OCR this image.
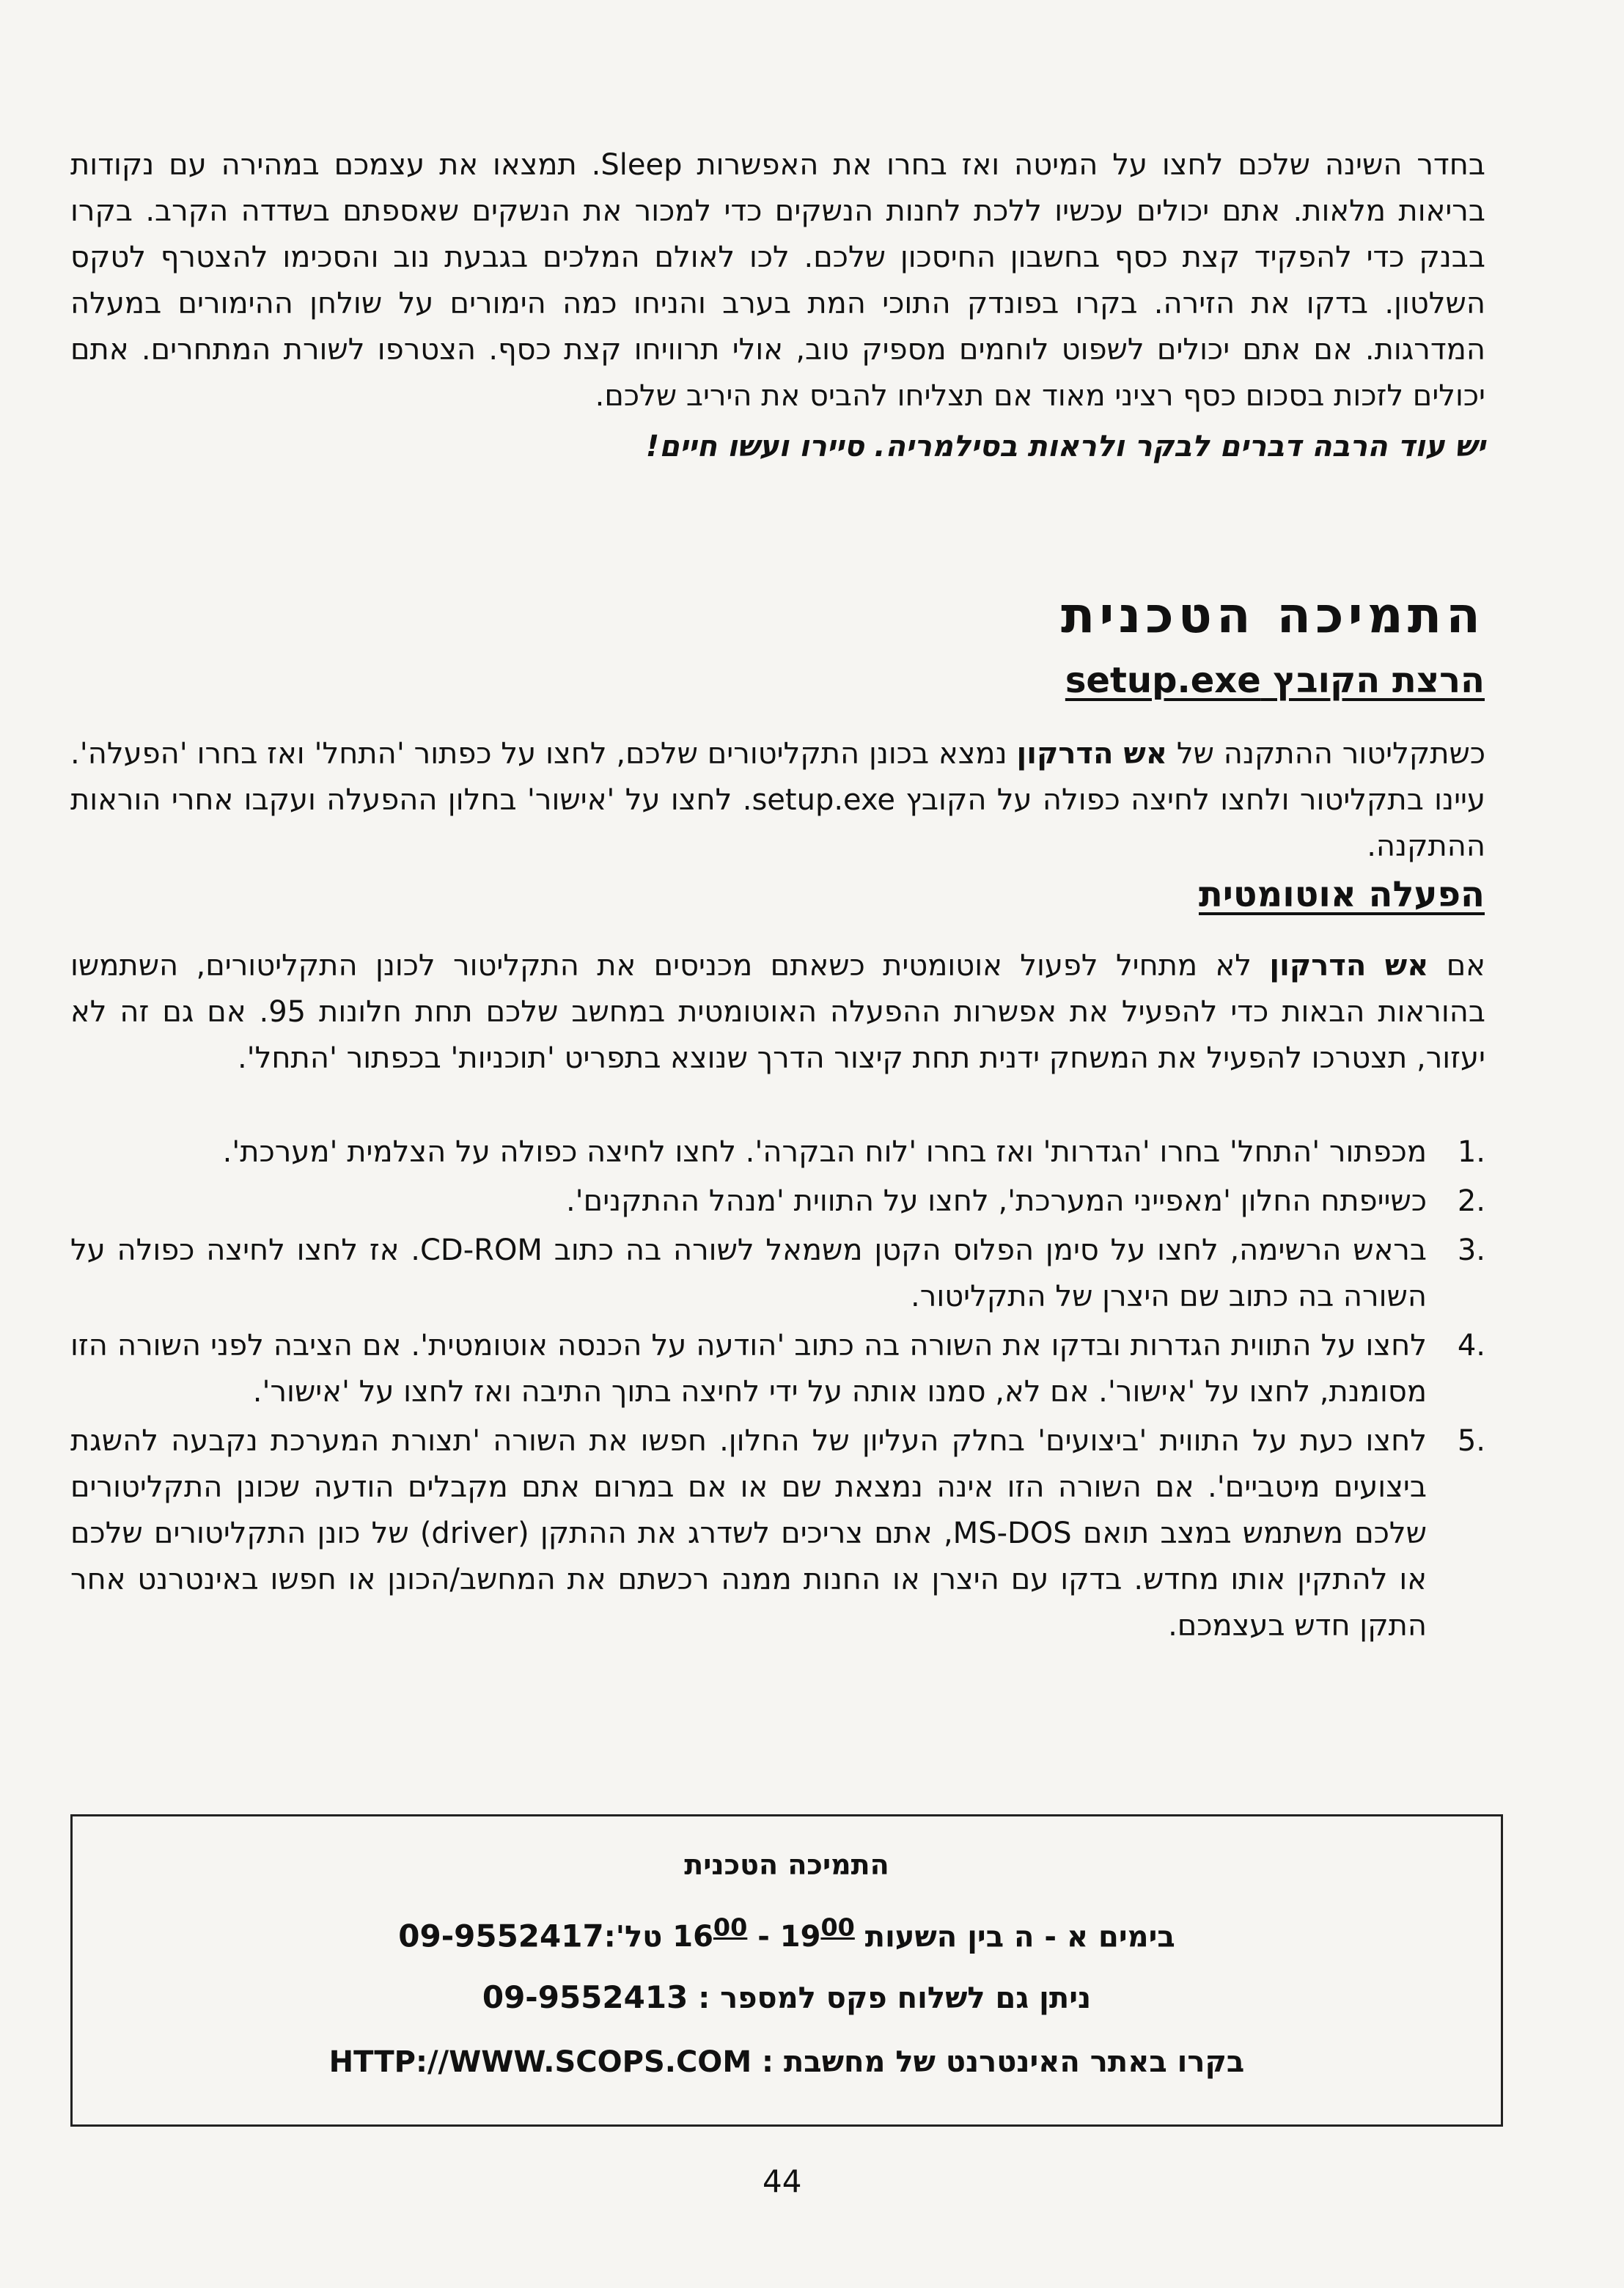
בחדר השינה שלכם לחצו על המיטה ואז בחרו את האפשרות Sleep. תמצאו את עצמכם במהירה עם נקודות בריאות מלאות. אתם יכולים עכשיו ללכת לחנות הנשקים כדי למכור את הנשקים שאספתם בשדדה הקרב. בקרו בבנק כדי להפקיד קצת כסף בחשבון החיסכון שלכם. לכו לאולם המלכים בגבעת נוב והסכימו להצטרף לטקס השלטון. בדקו את הזירה. בקרו בפונדק התוכי המת בערב והניחו כמה הימורים על שולחן ההימורים במעלה המדרגות. אם אתם יכולים לשפוט לוחמים מספיק טוב, אולי תרוויחו קצת כסף. הצטרפו לשורת המתחרים. אתם יכולים לזכות בסכום כסף רציני מאוד אם תצליחו להביס את היריב שלכם.
יש עוד הרבה דברים לבקר ולראות בסילמריה. סיירו ועשו חיים!
התמיכה הטכנית
הרצת הקובץ setup.exe
כשתקליטור ההתקנה של אש הדרקון נמצא בכונן התקליטורים שלכם, לחצו על כפתור 'התחל' ואז בחרו 'הפעלה'. עיינו בתקליטור ולחצו לחיצה כפולה על הקובץ setup.exe. לחצו על 'אישור' בחלון ההפעלה ועקבו אחרי הוראות ההתקנה.
הפעלה אוטומטית
אם אש הדרקון לא מתחיל לפעול אוטומטית כשאתם מכניסים את התקליטור לכונן התקליטורים, השתמשו בהוראות הבאות כדי להפעיל את אפשרות ההפעלה האוטומטית במחשב שלכם תחת חלונות 95. אם גם זה לא יעזור, תצטרכו להפעיל את המשחק ידנית תחת קיצור הדרך שנוצא בתפריט 'תוכניות' בכפתור 'התחל'.
1.
מכפתור 'התחל' בחרו 'הגדרות' ואז בחרו 'לוח הבקרה'. לחצו לחיצה כפולה על הצלמית 'מערכת'.
2.
כשייפתח החלון 'מאפייני המערכת', לחצו על התווית 'מנהל ההתקנים'.
3.
בראש הרשימה, לחצו על סימן הפלוס הקטן משמאל לשורה בה כתוב CD-ROM. אז לחצו לחיצה כפולה על השורה בה כתוב שם היצרן של התקליטור.
4.
לחצו על התווית הגדרות ובדקו את השורה בה כתוב 'הודעה על הכנסה אוטומטית'. אם הציבה לפני השורה הזו מסומנת, לחצו על 'אישור'. אם לא, סמנו אותה על ידי לחיצה בתוך התיבה ואז לחצו על 'אישור'.
5.
לחצו כעת על התווית 'ביצועים' בחלק העליון של החלון. חפשו את השורה 'תצורת המערכת נקבעה להשגת ביצועים מיטביים'. אם השורה הזו אינה נמצאת שם או אם במרום אתם מקבלים הודעה שכונן התקליטורים שלכם משתמש במצב תואם MS-DOS, אתם צריכים לשדרג את ההתקן (driver) של כונן התקליטורים שלכם או להתקין אותו מחדש. בדקו עם היצרן או החנות ממנה רכשתם את המחשב/הכונן או חפשו באינטרנט אחר התקן חדש בעצמכם.
התמיכה הטכנית
בימים א - ה בין השעות $16^{00} - 19^{00}$ טל':09-9552417
ניתן גם לשלוח פקס למספר : 09-9552413
בקרו באתר האינטרנט של מחשבת : HTTP://WWW.SCOPS.COM
44
